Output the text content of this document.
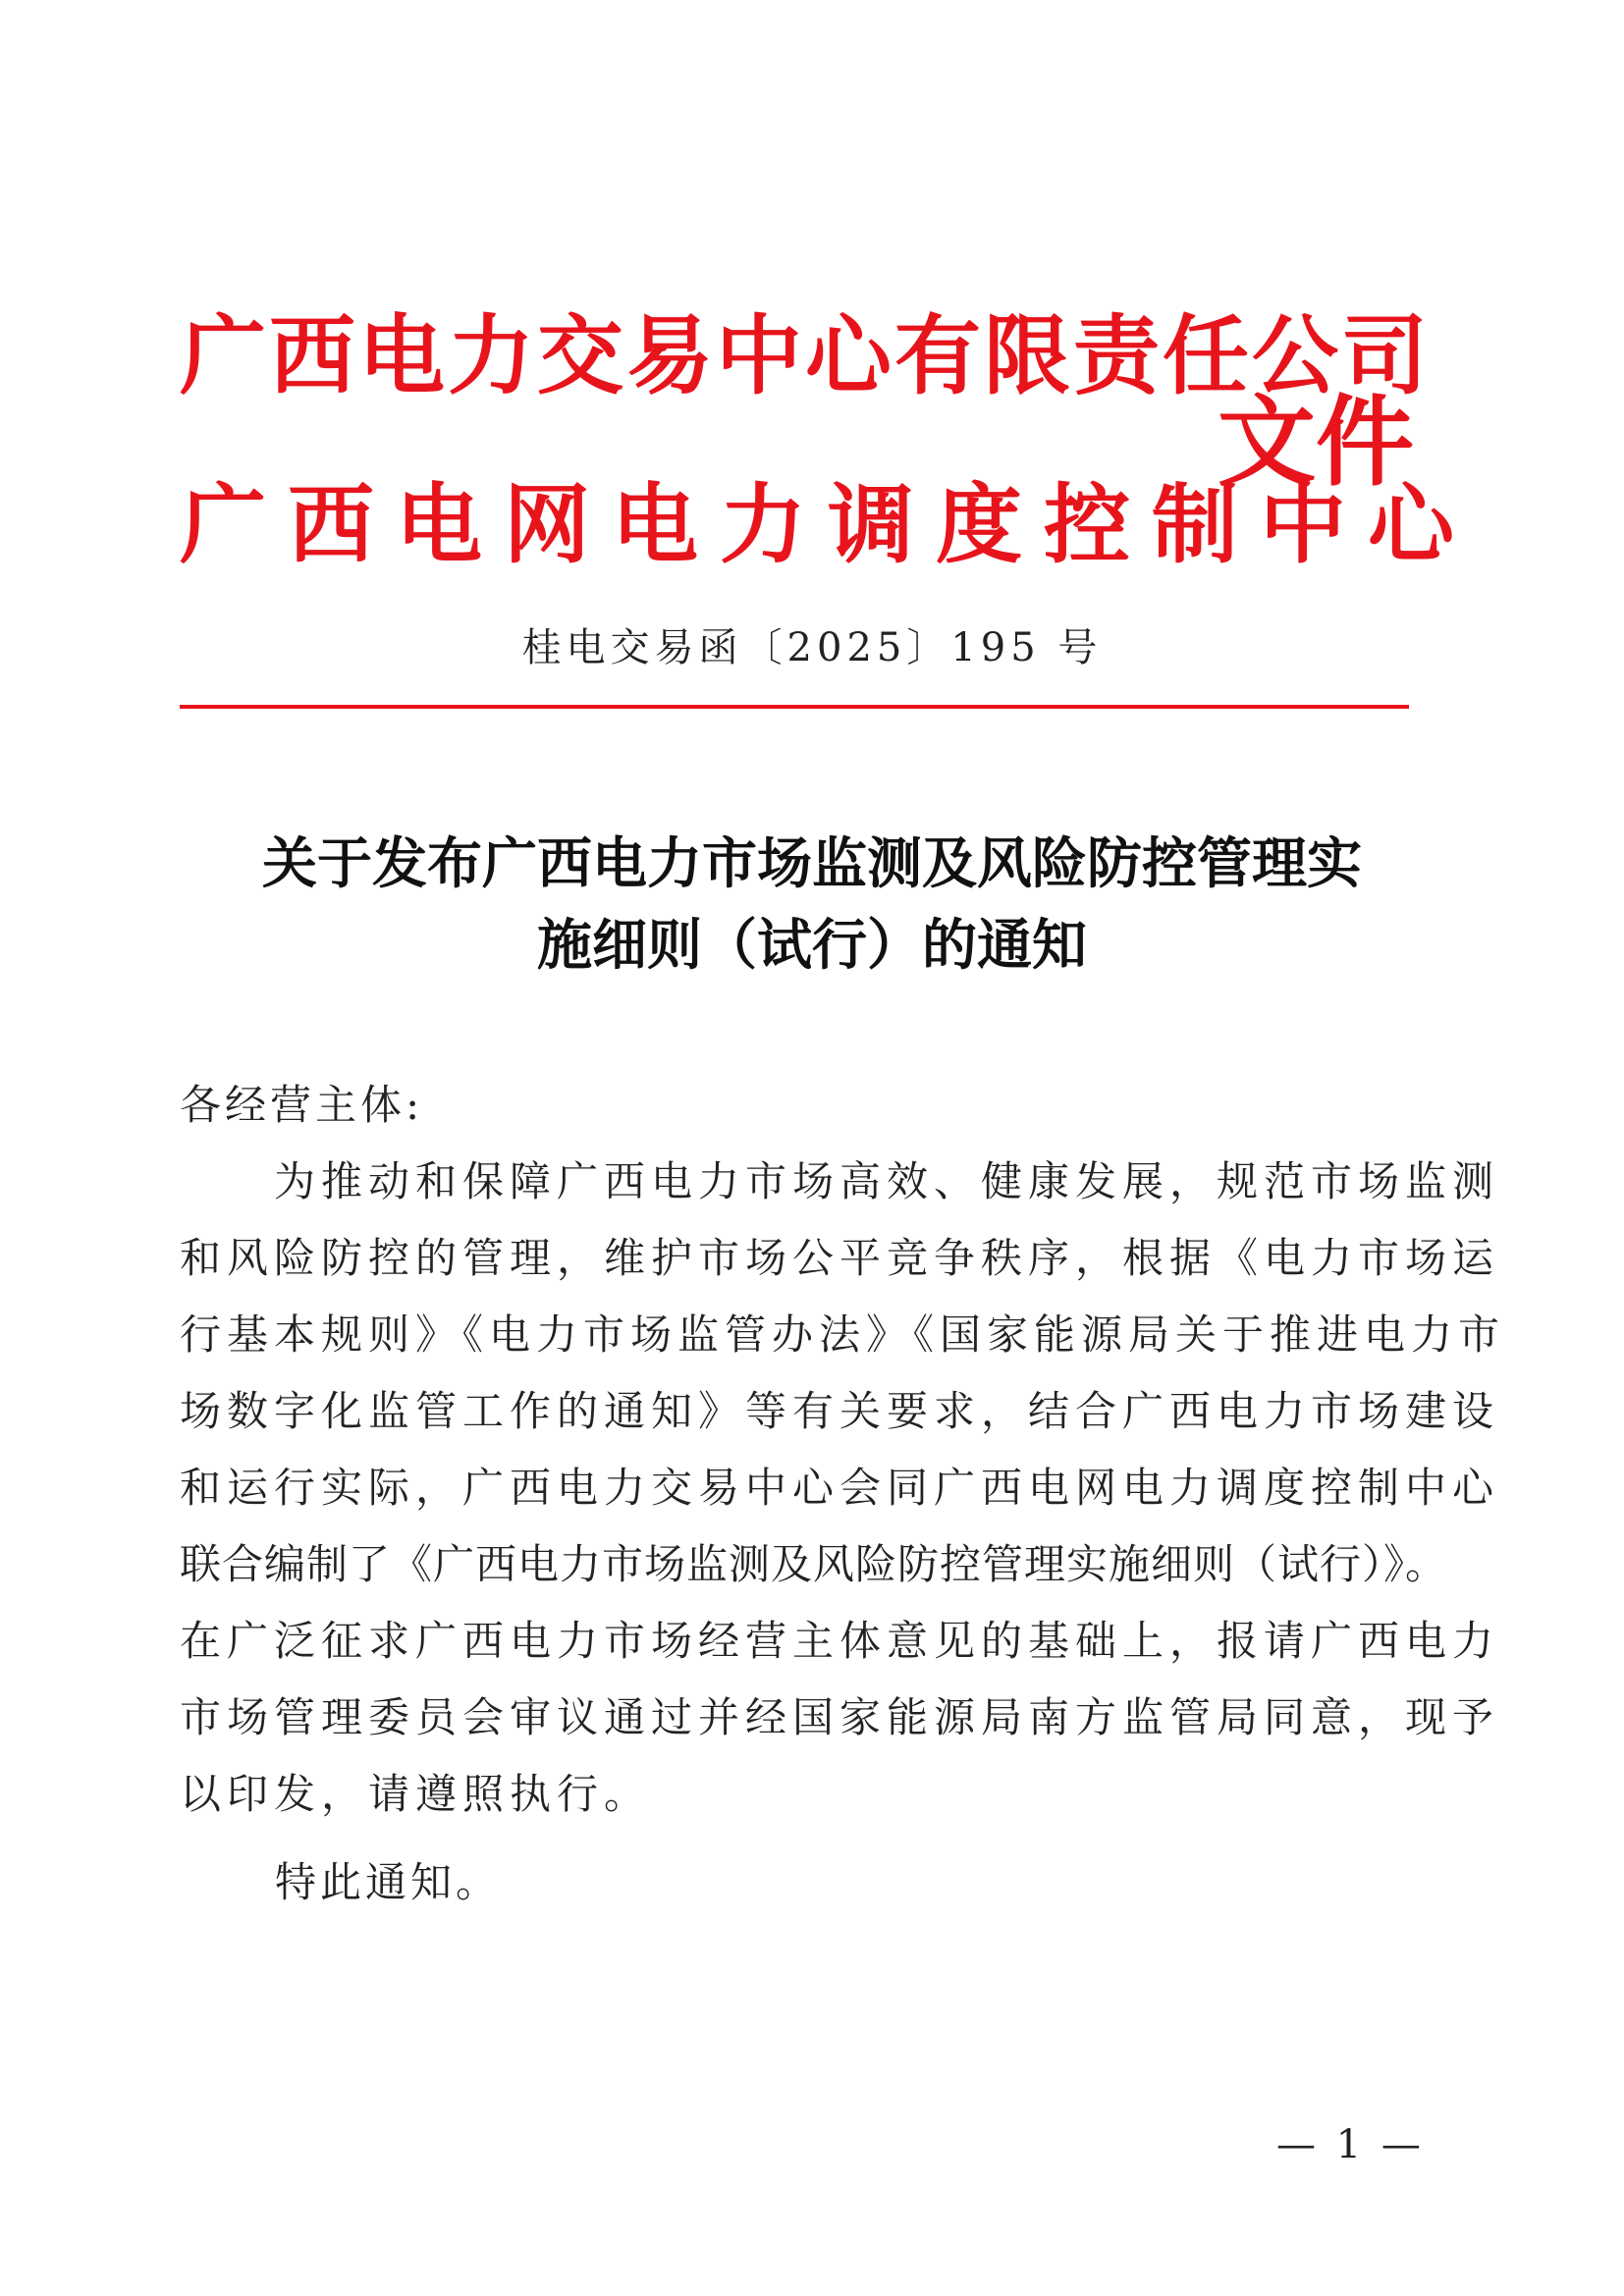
广西电力交易中心有限责任公司
广西电网电力调度控制中心
文件
桂电交易函〔2025〕195 号
关于发布广西电力市场监测及风险防控管理实
施细则（试行）的通知
各经营主体:
　　为推动和保障广西电力市场高效、健康发展，规范市场监测
和风险防控的管理，维护市场公平竞争秩序，根据《电力市场运
行基本规则》《电力市场监管办法》《国家能源局关于推进电力市
场数字化监管工作的通知》等有关要求，结合广西电力市场建设
和运行实际，广西电力交易中心会同广西电网电力调度控制中心
联合编制了《广西电力市场监测及风险防控管理实施细则（试行）》。
在广泛征求广西电力市场经营主体意见的基础上，报请广西电力
市场管理委员会审议通过并经国家能源局南方监管局同意，现予
以印发，请遵照执行。
特此通知。
— 1 —
